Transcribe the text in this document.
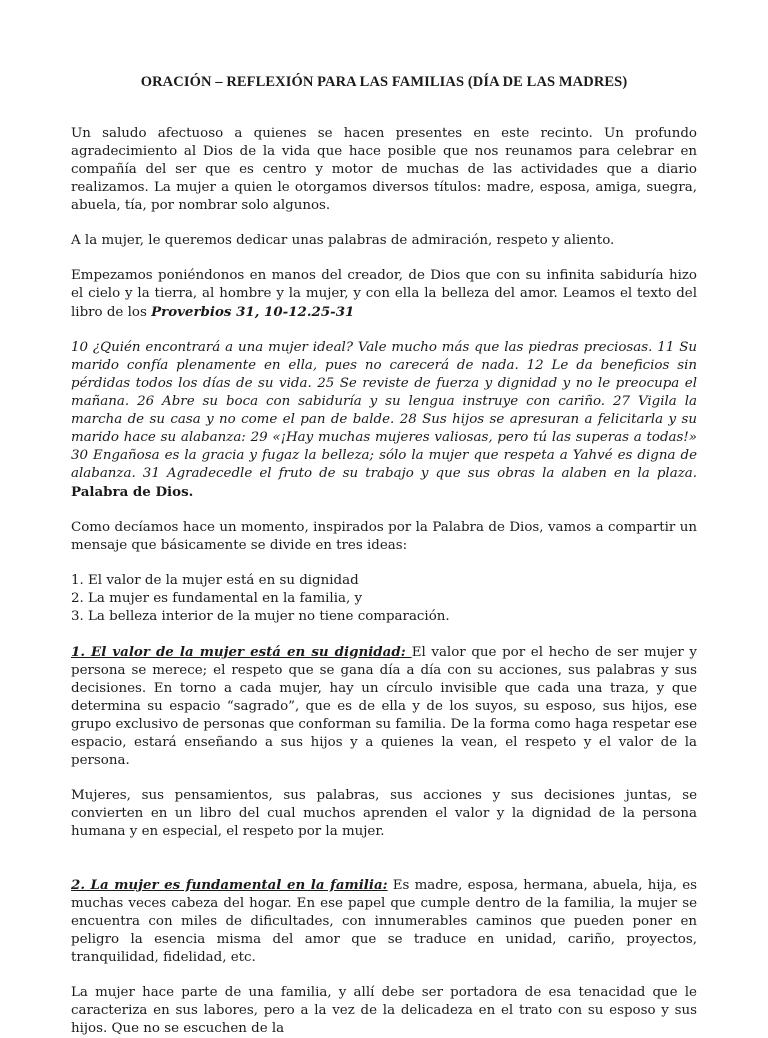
ORACIÓN – REFLEXIÓN PARA LAS FAMILIAS (DÍA DE LAS MADRES)

Un saludo afectuoso a quienes se hacen presentes en este recinto. Un profundo agradecimiento al Dios de la vida que hace posible que nos reunamos para celebrar en compañía del ser que es centro y motor de muchas de las actividades que a diario realizamos. La mujer a quien le otorgamos diversos títulos: madre, esposa, amiga, suegra, abuela, tía, por nombrar solo algunos.

A la mujer, le queremos dedicar unas palabras de admiración, respeto y aliento.

Empezamos poniéndonos en manos del creador, de Dios que con su infinita sabiduría hizo el cielo y la tierra, al hombre y la mujer, y con ella la belleza del amor. Leamos el texto del libro de los Proverbios 31, 10-12.25-31

10 ¿Quién encontrará a una mujer ideal? Vale mucho más que las piedras preciosas. 11 Su marido confía plenamente en ella, pues no carecerá de nada. 12 Le da beneficios sin pérdidas todos los días de su vida. 25 Se reviste de fuerza y dignidad y no le preocupa el mañana. 26 Abre su boca con sabiduría y su lengua instruye con cariño. 27 Vigila la marcha de su casa y no come el pan de balde. 28 Sus hijos se apresuran a felicitarla y su marido hace su alabanza: 29 «¡Hay muchas mujeres valiosas, pero tú las superas a todas!» 30 Engañosa es la gracia y fugaz la belleza; sólo la mujer que respeta a Yahvé es digna de alabanza. 31 Agradecedle el fruto de su trabajo y que sus obras la alaben en la plaza. Palabra de Dios.

Como decíamos hace un momento, inspirados por la Palabra de Dios, vamos a compartir un mensaje que básicamente se divide en tres ideas:

1. El valor de la mujer está en su dignidad
2. La mujer es fundamental en la familia, y
3. La belleza interior de la mujer no tiene comparación.

1. El valor de la mujer está en su dignidad: El valor que por el hecho de ser mujer y persona se merece; el respeto que se gana día a día con su acciones, sus palabras y sus decisiones. En torno a cada mujer, hay un círculo invisible que cada una traza, y que determina su espacio “sagrado”, que es de ella y de los suyos, su esposo, sus hijos, ese grupo exclusivo de personas que conforman su familia. De la forma como haga respetar ese espacio, estará enseñando a sus hijos y a quienes la vean, el respeto y el valor de la persona.

Mujeres, sus pensamientos, sus palabras, sus acciones y sus decisiones juntas, se convierten en un libro del cual muchos aprenden el valor y la dignidad de la persona humana y en especial, el respeto por la mujer.

2. La mujer es fundamental en la familia: Es madre, esposa, hermana, abuela, hija, es muchas veces cabeza del hogar. En ese papel que cumple dentro de la familia, la mujer se encuentra con miles de dificultades, con innumerables caminos que pueden poner en peligro la esencia misma del amor que se traduce en unidad, cariño, proyectos, tranquilidad, fidelidad, etc.

La mujer hace parte de una familia, y allí debe ser portadora de esa tenacidad que le caracteriza en sus labores, pero a la vez de la delicadeza en el trato con su esposo y sus hijos. Que no se escuchen de la
